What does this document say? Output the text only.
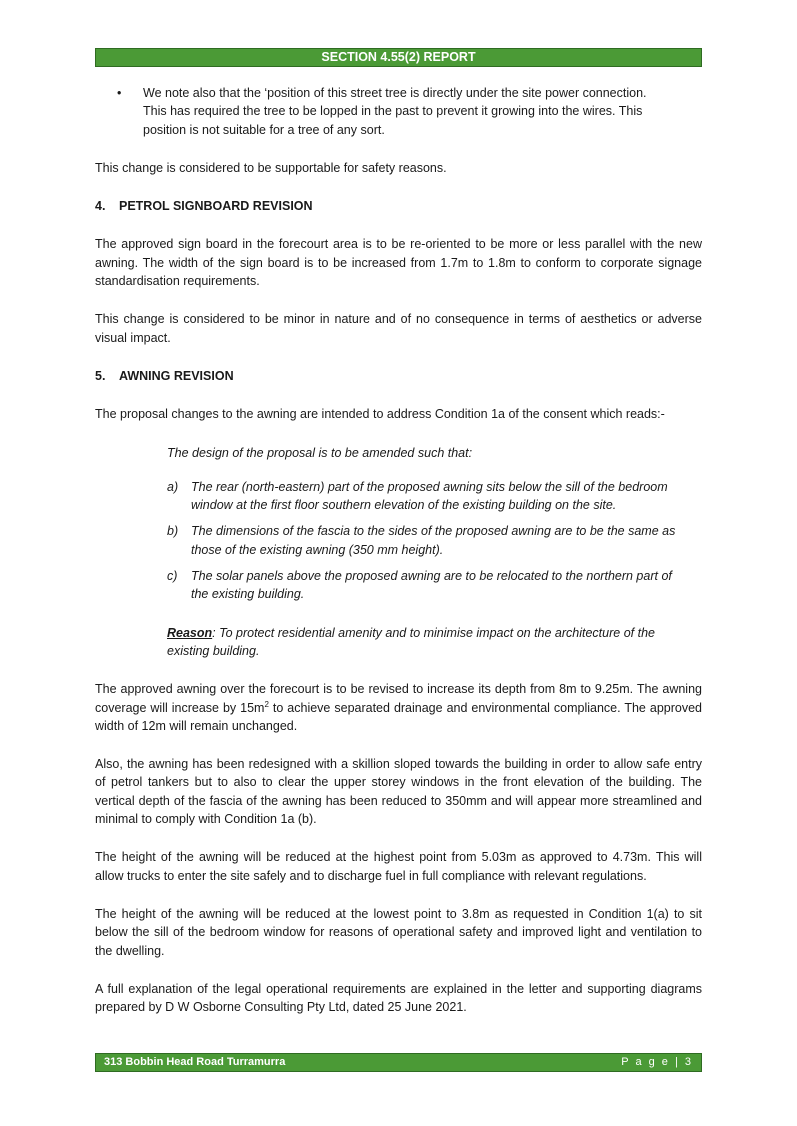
SECTION 4.55(2) REPORT
• We note also that the ‘position of this street tree is directly under the site power connection. This has required the tree to be lopped in the past to prevent it growing into the wires. This position is not suitable for a tree of any sort.

This change is considered to be supportable for safety reasons.

4. PETROL SIGNBOARD REVISION

The approved sign board in the forecourt area is to be re-oriented to be more or less parallel with the new awning. The width of the sign board is to be increased from 1.7m to 1.8m to conform to corporate signage standardisation requirements.

This change is considered to be minor in nature and of no consequence in terms of aesthetics or adverse visual impact.

5. AWNING REVISION

The proposal changes to the awning are intended to address Condition 1a of the consent which reads:-

The design of the proposal is to be amended such that:

a) The rear (north-eastern) part of the proposed awning sits below the sill of the bedroom window at the first floor southern elevation of the existing building on the site.
b) The dimensions of the fascia to the sides of the proposed awning are to be the same as those of the existing awning (350 mm height).
c) The solar panels above the proposed awning are to be relocated to the northern part of the existing building.

Reason: To protect residential amenity and to minimise impact on the architecture of the existing building.

The approved awning over the forecourt is to be revised to increase its depth from 8m to 9.25m. The awning coverage will increase by $15m^2$ to achieve separated drainage and environmental compliance. The approved width of 12m will remain unchanged.

Also, the awning has been redesigned with a skillion sloped towards the building in order to allow safe entry of petrol tankers but to also to clear the upper storey windows in the front elevation of the building. The vertical depth of the fascia of the awning has been reduced to 350mm and will appear more streamlined and minimal to comply with Condition 1a (b).

The height of the awning will be reduced at the highest point from 5.03m as approved to 4.73m. This will allow trucks to enter the site safely and to discharge fuel in full compliance with relevant regulations.

The height of the awning will be reduced at the lowest point to 3.8m as requested in Condition 1(a) to sit below the sill of the bedroom window for reasons of operational safety and improved light and ventilation to the dwelling.

A full explanation of the legal operational requirements are explained in the letter and supporting diagrams prepared by D W Osborne Consulting Pty Ltd, dated 25 June 2021.

313 Bobbin Head Road Turramurra	P a g e | 3
